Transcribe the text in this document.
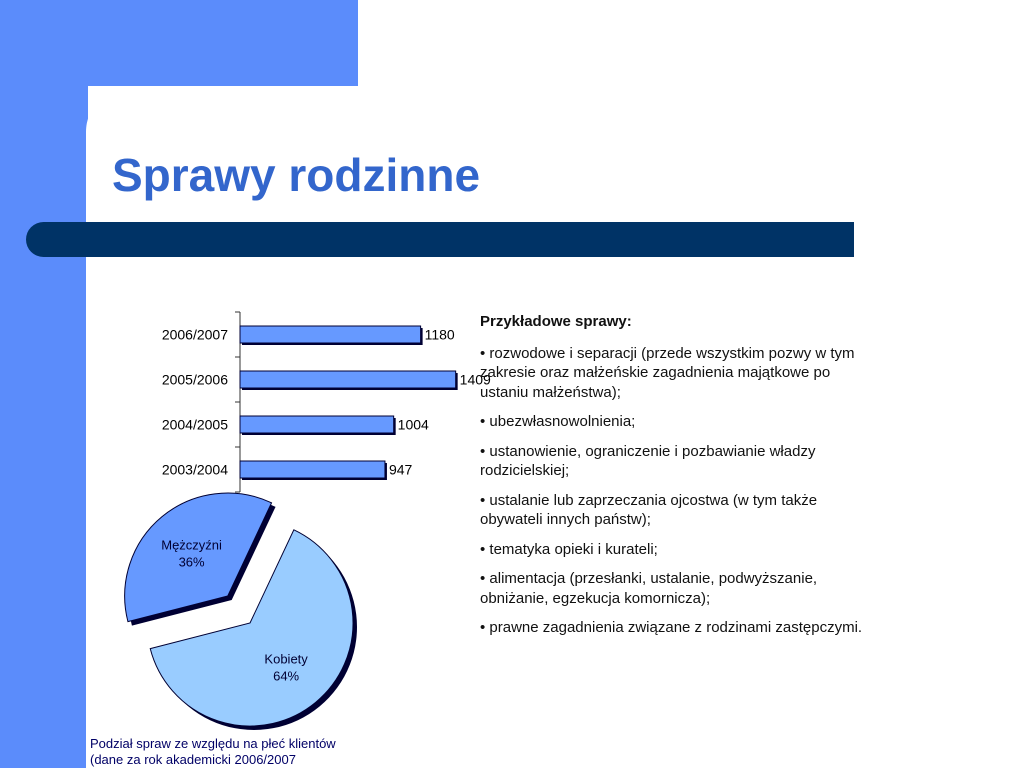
Sprawy rodzinne
2006/2007	1180
2005/2006	1409
2004/2005	1004
2003/2004	947
Kobiety
64%
Mężczyźni
36%

Przykładowe sprawy:

• rozwodowe i separacji (przede wszystkim pozwy w tym zakresie oraz małżeńskie zagadnienia majątkowe po ustaniu małżeństwa);

• ubezwłasnowolnienia;

• ustanowienie, ograniczenie i pozbawianie władzy rodzicielskiej;

• ustalanie lub zaprzeczania ojcostwa (w tym także obywateli innych państw);

• tematyka opieki i kurateli;

• alimentacja (przesłanki, ustalanie, podwyższanie, obniżanie, egzekucja komornicza);

• prawne zagadnienia związane z rodzinami zastępczymi.

Podział spraw ze względu na płeć klientów
(dane za rok akademicki 2006/2007
